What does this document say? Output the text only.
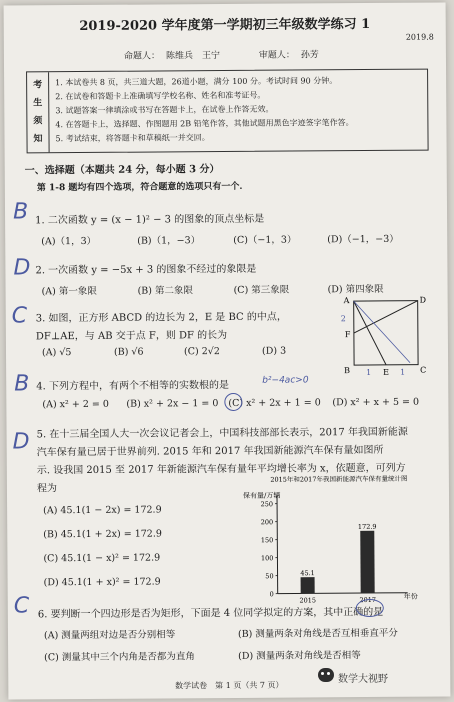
2019-2020 学年度第一学期初三年级数学练习 1
2019.8
命题人： 陈维兵　王宁	审题人： 孙芳
考
生
须
知
1. 本试卷共 8 页，共三道大题，26道小题，满分 100 分。考试时间 90 分钟。
2. 在试卷和答题卡上准确填写学校名称、姓名和准考证号。
3. 试题答案一律填涂或书写在答题卡上，在试卷上作答无效。
4. 在答题卡上，选择题、作图题用 2B 铅笔作答，其他试题用黑色字迹签字笔作答。
5. 考试结束，将答题卡和草稿纸一并交回。
一、选择题（本题共 24 分，每小题 3 分）
第 1-8 题均有四个选项，符合题意的选项只有一个.
B 1. 二次函数 y = (x − 1)² − 3 的图象的顶点坐标是
(A)（1，3）	(B)（1，−3）	(C)（−1，3）	(D)（−1，−3）
D 2. 一次函数 y = −5x + 3 的图象不经过的象限是
(A) 第一象限	(B) 第二象限	(C) 第三象限	(D) 第四象限
C 3. 如图，正方形 ABCD 的边长为 2，E 是 BC 的中点，
DF⊥AE，与 AB 交于点 F，则 DF 的长为
(A) √5	(B) √6	(C) 2√2	(D) 3
A	D
B	E	C
F
2
1	1
B 4. 下列方程中，有两个不相等的实数根的是	b²−4ac>0
(A) x² + 2 = 0 (B) x² + 2x − 1 = 0 (C) x² + 2x + 1 = 0 (D) x² + x + 5 = 0
D 5. 在十三届全国人大一次会议记者会上，中国科技部部长表示，2017 年我国新能源
汽车保有量已居于世界前列. 2015 年和 2017 年我国新能源汽车保有量如图所
示. 设我国 2015 至 2017 年新能源汽车保有量年平均增长率为 x，依题意，可列方
程为
(A) 45.1(1 − 2x) = 172.9
(B) 45.1(1 + 2x) = 172.9
(C) 45.1(1 − x)² = 172.9
(D) 45.1(1 + x)² = 172.9
2015年和2017年我国新能源汽车保有量统计图
保有量/万辆
年份
0
50
100
150
200
250
45.1
2015
172.9
2017
C 6. 要判断一个四边形是否为矩形，下面是 4 位同学拟定的方案，其中正确的是
(A) 测量两组对边是否分别相等	(B) 测量两条对角线是否互相垂直平分
(C) 测量其中三个内角是否都为直角	(D) 测量两条对角线是否相等
数学试卷　第 1 页（共 7 页）
数学大视野
